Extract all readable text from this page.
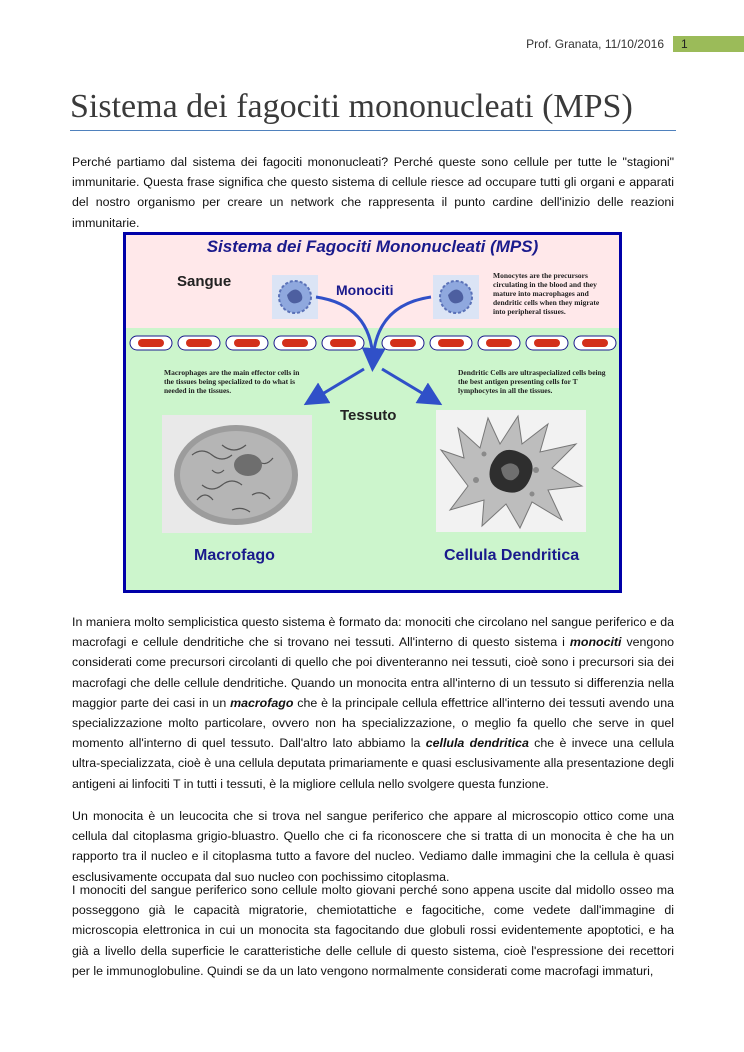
Prof. Granata, 11/10/2016	1
Sistema dei fagociti mononucleati (MPS)

Perché partiamo dal sistema dei fagociti mononucleati? Perché queste sono cellule per tutte le "stagioni" immunitarie. Questa frase significa che questo sistema di cellule riesce ad occupare tutti gli organi e apparati del nostro organismo per creare un network che rappresenta il punto cardine dell'inizio delle reazioni immunitarie.

Sistema dei Fagociti Mononucleati (MPS)
Sangue	Monociti
Monocytes are the precursors circulating in the blood and they mature into macrophages and dendritic cells when they migrate into peripheral tissues.
Macrophages are the main effector cells in the tissues being specialized to do what is needed in the tissues.
Dendritic Cells are ultraspecialized cells being the best antigen presenting cells for T lymphocytes in all the tissues.
Tessuto
Macrofago	Cellula Dendritica

In maniera molto semplicistica questo sistema è formato da: monociti che circolano nel sangue periferico e da macrofagi e cellule dendritiche che si trovano nei tessuti. All'interno di questo sistema i monociti vengono considerati come precursori circolanti di quello che poi diventeranno nei tessuti, cioè sono i precursori sia dei macrofagi che delle cellule dendritiche. Quando un monocita entra all'interno di un tessuto si differenzia nella maggior parte dei casi in un macrofago che è la principale cellula effettrice all'interno dei tessuti avendo una specializzazione molto particolare, ovvero non ha specializzazione, o meglio fa quello che serve in quel momento all'interno di quel tessuto. Dall'altro lato abbiamo la cellula dendritica che è invece una cellula ultra-specializzata, cioè è una cellula deputata primariamente e quasi esclusivamente alla presentazione degli antigeni ai linfociti T in tutti i tessuti, è la migliore cellula nello svolgere questa funzione.

Un monocita è un leucocita che si trova nel sangue periferico che appare al microscopio ottico come una cellula dal citoplasma grigio-bluastro. Quello che ci fa riconoscere che si tratta di un monocita è che ha un rapporto tra il nucleo e il citoplasma tutto a favore del nucleo. Vediamo dalle immagini che la cellula è quasi esclusivamente occupata dal suo nucleo con pochissimo citoplasma.

I monociti del sangue periferico sono cellule molto giovani perché sono appena uscite dal midollo osseo ma posseggono già le capacità migratorie, chemiotattiche e fagocitiche, come vedete dall'immagine di microscopia elettronica in cui un monocita sta fagocitando due globuli rossi evidentemente apoptotici, e ha già a livello della superficie le caratteristiche delle cellule di questo sistema, cioè l'espressione dei recettori per le immunoglobuline. Quindi se da un lato vengono normalmente considerati come macrofagi immaturi,
